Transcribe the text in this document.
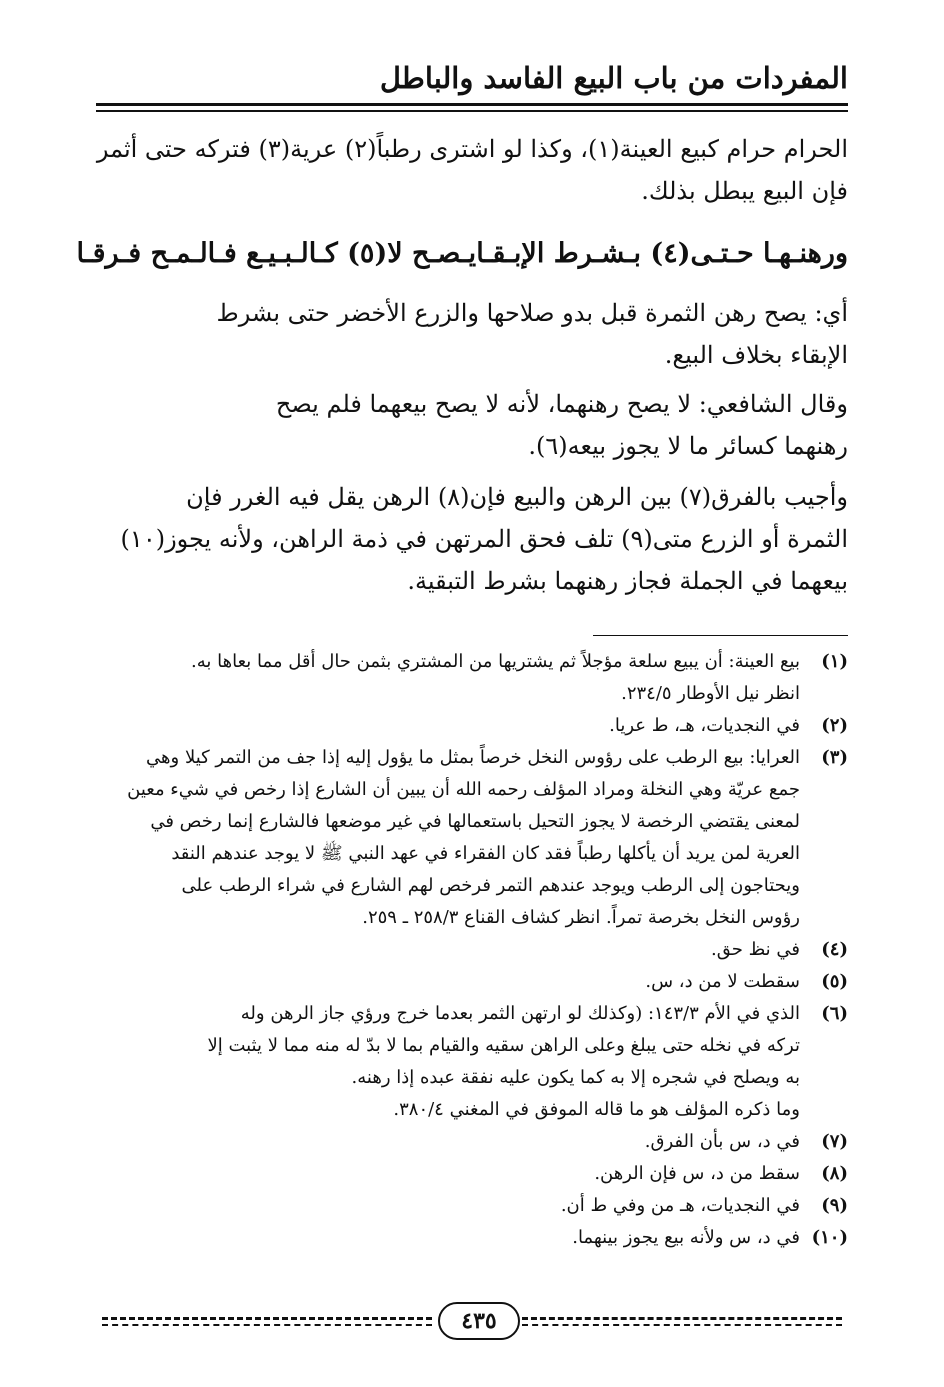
المفردات من باب البيع الفاسد والباطل
الحرام حرام كبيع العينة(١)، وكذا لو اشترى رطباً(٢) عرية(٣) فتركه حتى أثمر
فإن البيع يبطل بذلك.
ورهنـهـا حـتـى(٤) بـشـرط الإبـقـا
يـصـح لا(٥) كـالـبـيـع فـالـمـح فـرقـا
أي: يصح رهن الثمرة قبل بدو صلاحها والزرع الأخضر حتى بشرط
الإبقاء بخلاف البيع.
وقال الشافعي: لا يصح رهنهما، لأنه لا يصح بيعهما فلم يصح
رهنهما كسائر ما لا يجوز بيعه(٦).
وأجيب بالفرق(٧) بين الرهن والبيع فإن(٨) الرهن يقل فيه الغرر فإن
الثمرة أو الزرع متى(٩) تلف فحق المرتهن في ذمة الراهن، ولأنه يجوز(١٠)
بيعهما في الجملة فجاز رهنهما بشرط التبقية.
(١)
بيع العينة: أن يبيع سلعة مؤجلاً ثم يشتريها من المشتري بثمن حال أقل مما بعاها به.
انظر نيل الأوطار ٢٣٤/٥.
(٢)
في النجديات، هـ، ط عريا.
(٣)
العرايا: بيع الرطب على رؤوس النخل خرصاً بمثل ما يؤول إليه إذا جف من التمر كيلا وهي
جمع عريّة وهي النخلة ومراد المؤلف رحمه الله أن يبين أن الشارع إذا رخص في شيء معين
لمعنى يقتضي الرخصة لا يجوز التحيل باستعمالها في غير موضعها فالشارع إنما رخص في
العرية لمن يريد أن يأكلها رطباً فقد كان الفقراء في عهد النبي ﷺ لا يوجد عندهم النقد
ويحتاجون إلى الرطب ويوجد عندهم التمر فرخص لهم الشارع في شراء الرطب على
رؤوس النخل بخرصة تمراً. انظر كشاف القناع ٢٥٨/٣ ـ ٢٥٩.
(٤)
في نظ حق.
(٥)
سقطت لا من د، س.
(٦)
الذي في الأم ١٤٣/٣: (وكذلك لو ارتهن الثمر بعدما خرج ورؤي جاز الرهن وله
تركه في نخله حتى يبلغ وعلى الراهن سقيه والقيام بما لا بدّ له منه مما لا يثبت إلا
به ويصلح في شجره إلا به كما يكون عليه نفقة عبده إذا رهنه.
وما ذكره المؤلف هو ما قاله الموفق في المغني ٣٨٠/٤.
(٧)
في د، س بأن الفرق.
(٨)
سقط من د، س فإن الرهن.
(٩)
في النجديات، هـ من وفي ط أن.
(١٠)
في د، س ولأنه بيع يجوز بينهما.
٤٣٥
